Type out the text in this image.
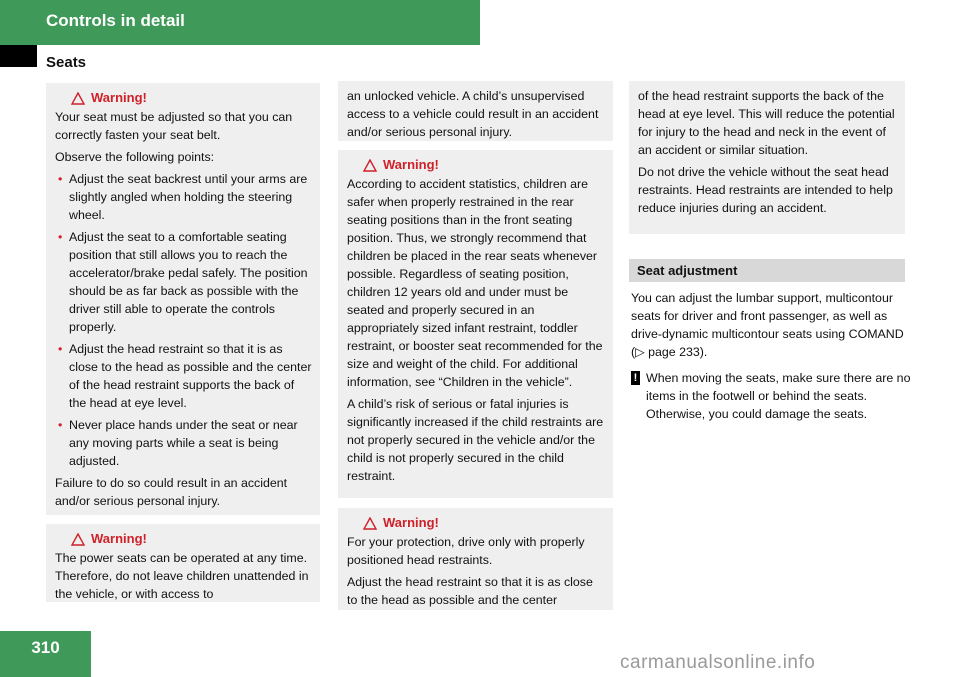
Controls in detail
Seats
Warning!

Your seat must be adjusted so that you can correctly fasten your seat belt.

Observe the following points:

• Adjust the seat backrest until your arms are slightly angled when holding the steering wheel.
• Adjust the seat to a comfortable seating position that still allows you to reach the accelerator/brake pedal safely. The position should be as far back as possible with the driver still able to operate the controls properly.
• Adjust the head restraint so that it is as close to the head as possible and the center of the head restraint supports the back of the head at eye level.
• Never place hands under the seat or near any moving parts while a seat is being adjusted.

Failure to do so could result in an accident and/or serious personal injury.

Warning!

The power seats can be operated at any time. Therefore, do not leave children unattended in the vehicle, or with access to

an unlocked vehicle. A child’s unsupervised access to a vehicle could result in an accident and/or serious personal injury.

Warning!

According to accident statistics, children are safer when properly restrained in the rear seating positions than in the front seating position. Thus, we strongly recommend that children be placed in the rear seats whenever possible. Regardless of seating position, children 12 years old and under must be seated and properly secured in an appropriately sized infant restraint, toddler restraint, or booster seat recommended for the size and weight of the child. For additional information, see “Children in the vehicle”.

A child’s risk of serious or fatal injuries is significantly increased if the child restraints are not properly secured in the vehicle and/or the child is not properly secured in the child restraint.

Warning!

For your protection, drive only with properly positioned head restraints.

Adjust the head restraint so that it is as close to the head as possible and the center

of the head restraint supports the back of the head at eye level. This will reduce the potential for injury to the head and neck in the event of an accident or similar situation.

Do not drive the vehicle without the seat head restraints. Head restraints are intended to help reduce injuries during an accident.

Seat adjustment

You can adjust the lumbar support, multicontour seats for driver and front passenger, as well as drive-dynamic multicontour seats using COMAND (▷ page 233).

! When moving the seats, make sure there are no items in the footwell or behind the seats. Otherwise, you could damage the seats.
310
carmanualsonline.info
